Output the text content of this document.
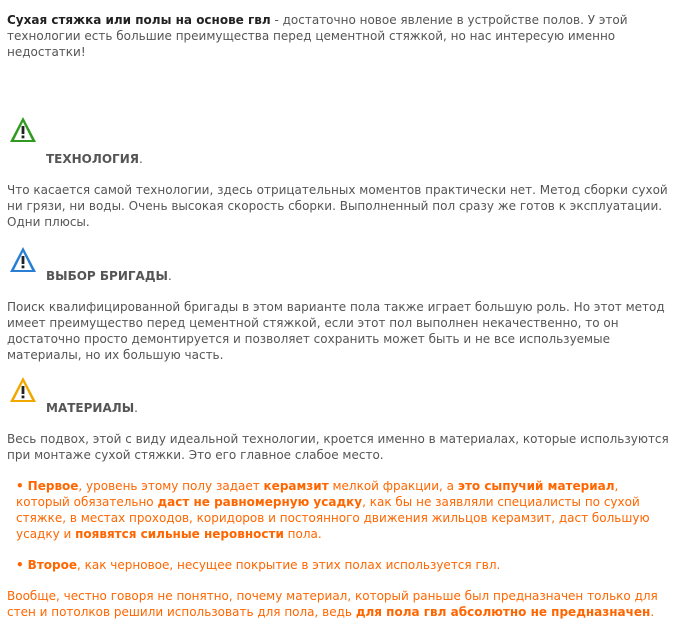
Сухая стяжка или полы на основе гвл - достаточно новое явление в устройстве полов. У этой технологии есть большие преимущества перед цементной стяжкой, но нас интересую именно недостатки!

ТЕХНОЛОГИЯ.

Что касается самой технологии, здесь отрицательных моментов практически нет. Метод сборки сухой ни грязи, ни воды. Очень высокая скорость сборки. Выполненный пол сразу же готов к эксплуатации. Одни плюсы.

ВЫБОР БРИГАДЫ.

Поиск квалифицированной бригады в этом варианте пола также играет большую роль. Но этот метод имеет преимущество перед цементной стяжкой, если этот пол выполнен некачественно, то он достаточно просто демонтируется и позволяет сохранить может быть и не все используемые материалы, но их большую часть.

МАТЕРИАЛЫ.

Весь подвох, этой с виду идеальной технологии, кроется именно в материалах, которые используются при монтаже сухой стяжки. Это его главное слабое место.

• Первое, уровень этому полу задает керамзит мелкой фракции, а это сыпучий материал, который обязательно даст не равномерную усадку, как бы не заявляли специалисты по сухой стяжке, в местах проходов, коридоров и постоянного движения жильцов керамзит, даст большую усадку и появятся сильные неровности пола.

• Второе, как черновое, несущее покрытие в этих полах используется гвл.

Вообще, честно говоря не понятно, почему материал, который раньше был предназначен только для стен и потолков решили использовать для пола, ведь для пола гвл абсолютно не предназначен.
